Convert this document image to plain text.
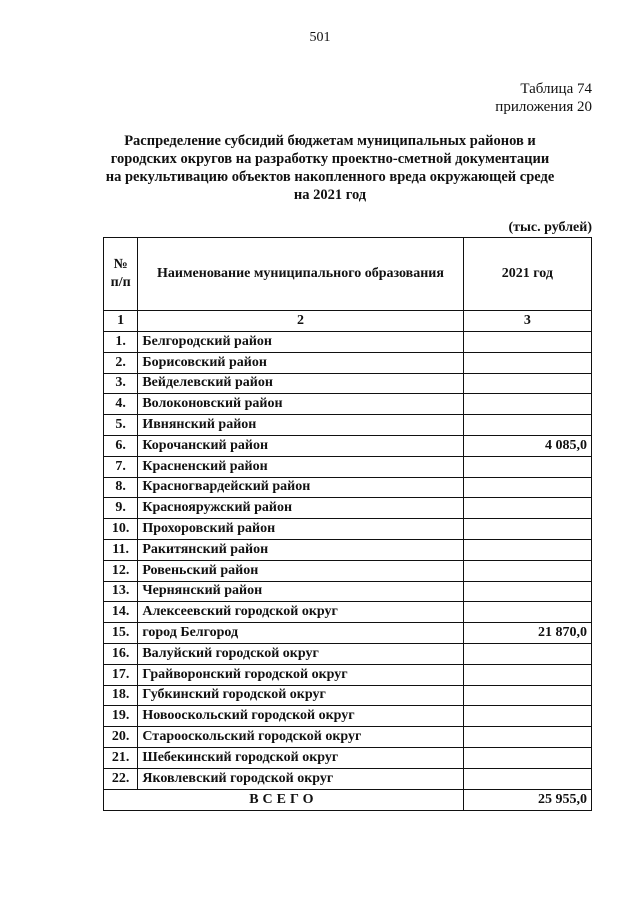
501
Таблица 74
приложения 20
Распределение субсидий бюджетам муниципальных районов и
городских округов на разработку проектно-сметной документации
на рекультивацию объектов накопленного вреда окружающей среде
на 2021 год
(тыс. рублей)
№
п/п	Наименование муниципального образования	2021 год
1	2	3
1.	Белгородский район	
2.	Борисовский район	
3.	Вейделевский район	
4.	Волоконовский район	
5.	Ивнянский район	
6.	Корочанский район	4 085,0
7.	Красненский район	
8.	Красногвардейский район	
9.	Краснояружский район	
10.	Прохоровский район	
11.	Ракитянский район	
12.	Ровеньский район	
13.	Чернянский район	
14.	Алексеевский городской округ	
15.	город Белгород	21 870,0
16.	Валуйский городской округ	
17.	Грайворонский городской округ	
18.	Губкинский городской округ	
19.	Новооскольский городской округ	
20.	Старооскольский городской округ	
21.	Шебекинский городской округ	
22.	Яковлевский городской округ	
ВСЕГО		25 955,0
